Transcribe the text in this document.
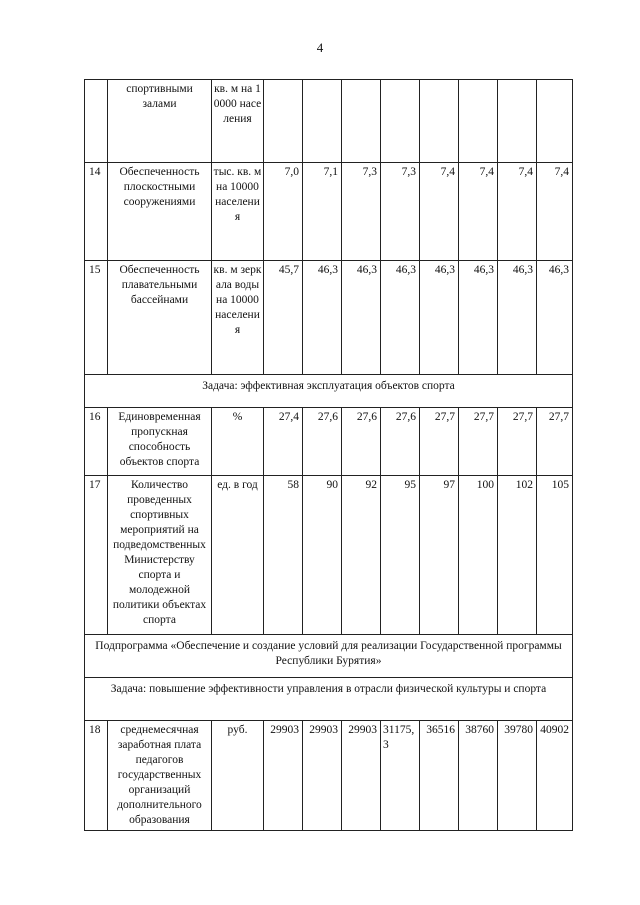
4
	спортивными залами	кв. м на 10000 населения								
14	Обеспеченность плоскостными сооружениями	тыс. кв. м на 10000 населения	7,0	7,1	7,3	7,3	7,4	7,4	7,4	7,4
15	Обеспеченность плавательными бассейнами	кв. м зеркала воды на 10000 населения	45,7	46,3	46,3	46,3	46,3	46,3	46,3	46,3
Задача: эффективная эксплуатация объектов спорта										
16	Единовременная пропускная способность объектов спорта	%	27,4	27,6	27,6	27,6	27,7	27,7	27,7	27,7
17	Количество проведенных спортивных мероприятий на подведомственных Министерству спорта и молодежной политики объектах спорта	ед. в год	58	90	92	95	97	100	102	105
Подпрограмма «Обеспечение и создание условий для реализации Государственной программы Республики Бурятия»										
Задача: повышение эффективности управления в отрасли физической культуры и спорта										
18	среднемесячная заработная плата педагогов государственных организаций дополнительного образования	руб.	29903	29903	29903	31175,3	36516	38760	39780	40902
